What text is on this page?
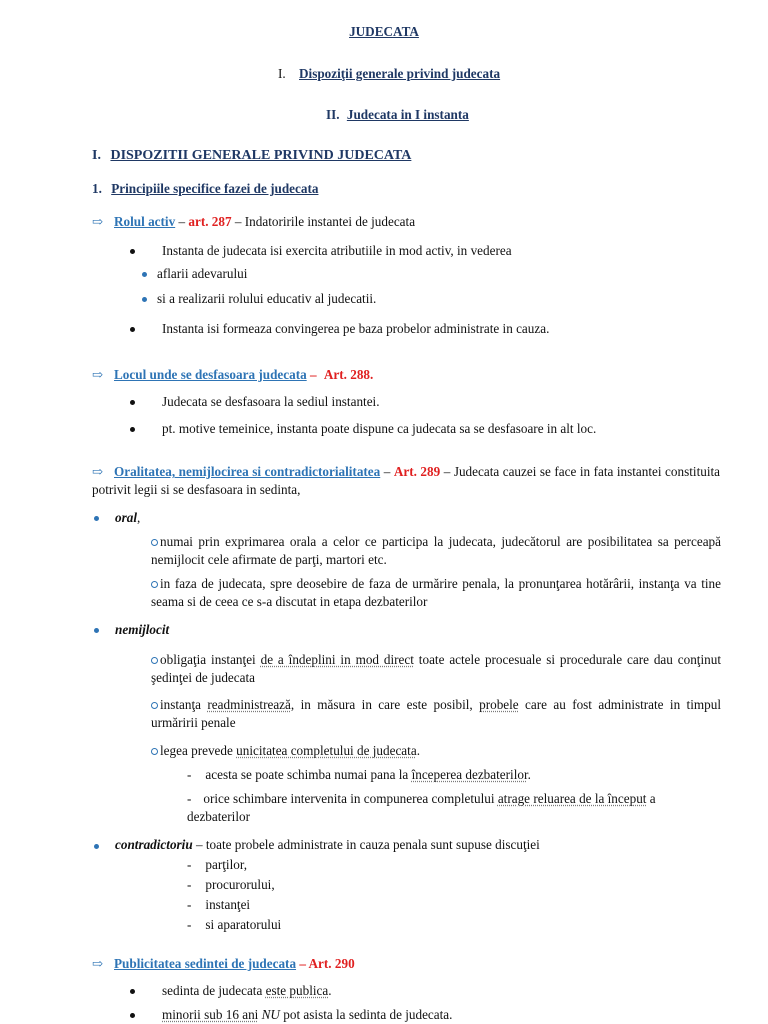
JUDECATA
I. Dispoziţii generale privind judecata
II. Judecata in I instanta
I. DISPOZITII GENERALE PRIVIND JUDECATA
1. Principiile specifice fazei de judecata
⇨ Rolul activ – art. 287 – Indatoririle instantei de judecata
Instanta de judecata isi exercita atributiile in mod activ, in vederea
aflarii adevarului
si a realizarii rolului educativ al judecatii.
Instanta isi formeaza convingerea pe baza probelor administrate in cauza.
⇨ Locul unde se desfasoara judecata – Art. 288.
Judecata se desfasoara la sediul instantei.
pt. motive temeinice, instanta poate dispune ca judecata sa se desfasoare in alt loc.
⇨ Oralitatea, nemijlocirea si contradictorialitatea – Art. 289 – Judecata cauzei se face in fata instantei constituita potrivit legii si se desfasoara in sedinta,
oral,
numai prin exprimarea orala a celor ce participa la judecata, judecătorul are posibilitatea sa perceapă nemijlocit cele afirmate de parţi, martori etc.
in faza de judecata, spre deosebire de faza de urmărire penala, la pronunţarea hotărârii, instanţa va tine seama si de ceea ce s-a discutat in etapa dezbaterilor
nemijlocit
obligaţia instanţei de a îndeplini in mod direct toate actele procesuale si procedurale care dau conţinut şedinţei de judecata
instanţa readministrează, in măsura in care este posibil, probele care au fost administrate in timpul urmăririi penale
legea prevede unicitatea completului de judecata.
- acesta se poate schimba numai pana la începerea dezbaterilor.
- orice schimbare intervenita in compunerea completului atrage reluarea de la început a dezbaterilor
contradictoriu – toate probele administrate in cauza penala sunt supuse discuţiei
- parţilor,
- procurorului,
- instanţei
- si aparatorului
⇨ Publicitatea sedintei de judecata – Art. 290
sedinta de judecata este publica.
minorii sub 16 ani NU pot asista la sedinta de judecata.
